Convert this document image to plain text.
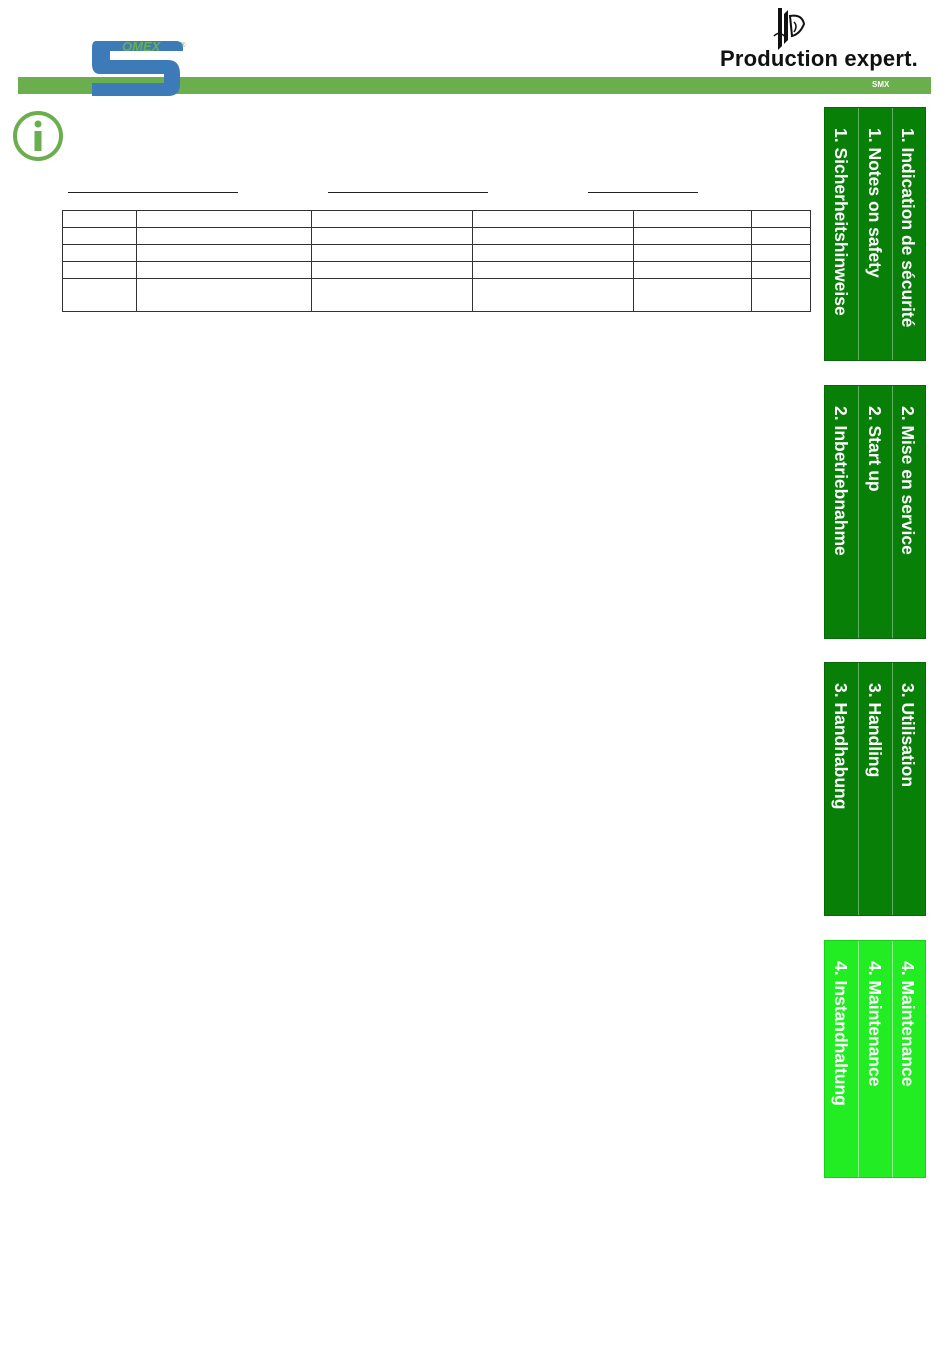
OMEX	®	Production expert.
SMX

1. Indication de sécurité
1. Notes on safety
1. Sicherheitshinweise
2. Mise en service
2. Start up
2. Inbetriebnahme
3. Utilisation
3. Handling
3. Handhabung
4. Maintenance
4. Maintenance
4. Instandhaltung
